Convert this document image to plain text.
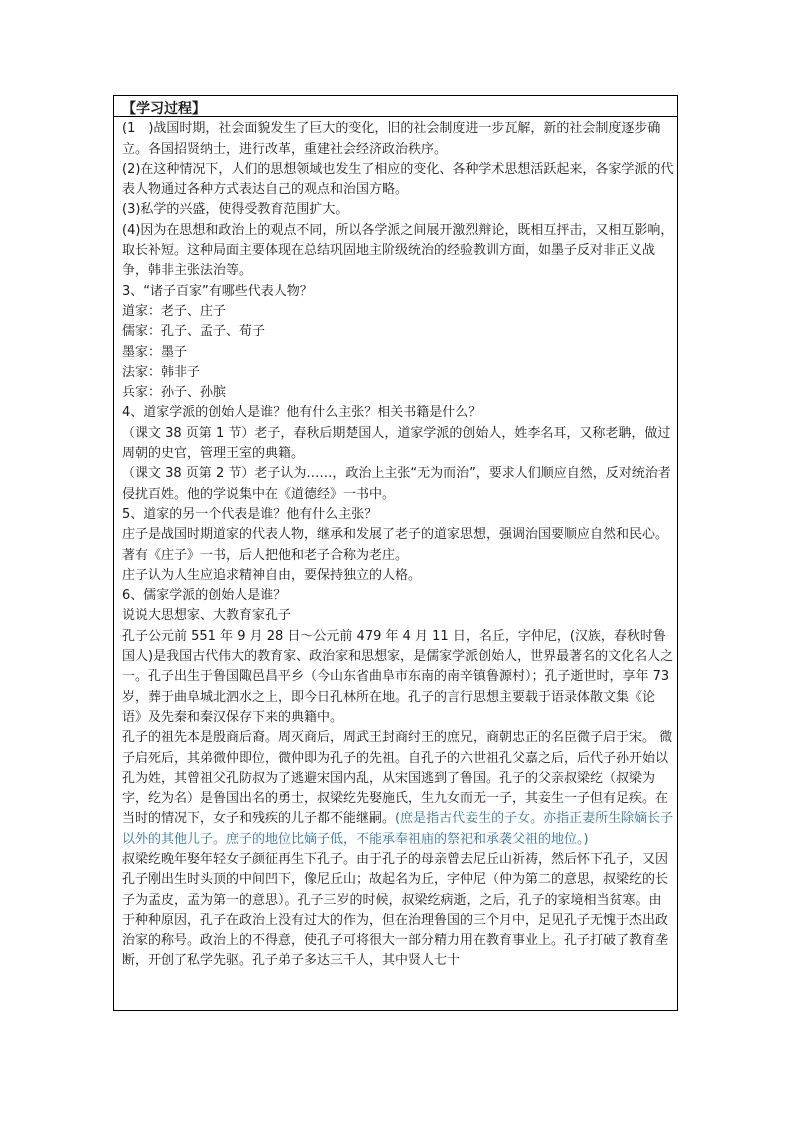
【学习过程】

(1　)战国时期，社会面貌发生了巨大的变化，旧的社会制度进一步瓦解，新的社会制度逐步确立。各国招贤纳士，进行改革，重建社会经济政治秩序。

(2)在这种情况下，人们的思想领域也发生了相应的变化、各种学术思想活跃起来，各家学派的代表人物通过各种方式表达自己的观点和治国方略。

(3)私学的兴盛，使得受教育范围扩大。

(4)因为在思想和政治上的观点不同，所以各学派之间展开激烈辩论，既相互抨击，又相互影响，取长补短。这种局面主要体现在总结巩固地主阶级统治的经验教训方面，如墨子反对非正义战争，韩非主张法治等。

3、“诸子百家”有哪些代表人物？

道家：老子、庄子

儒家：孔子、孟子、荀子

墨家：墨子

法家：韩非子

兵家：孙子、孙膑

4、道家学派的创始人是谁？他有什么主张？相关书籍是什么？

（课文 38 页第 1 节）老子，春秋后期楚国人，道家学派的创始人，姓李名耳，又称老聃，做过周朝的史官，管理王室的典籍。

（课文 38 页第 2 节）老子认为……，政治上主张“无为而治”，要求人们顺应自然，反对统治者侵扰百姓。他的学说集中在《道德经》一书中。

5、道家的另一个代表是谁？他有什么主张？

庄子是战国时期道家的代表人物，继承和发展了老子的道家思想，强调治国要顺应自然和民心。著有《庄子》一书，后人把他和老子合称为老庄。

庄子认为人生应追求精神自由，要保持独立的人格。

6、儒家学派的创始人是谁？

说说大思想家、大教育家孔子

孔子公元前 551 年 9 月 28 日～公元前 479 年 4 月 11 日，名丘，字仲尼，(汉族，春秋时鲁国人)是我国古代伟大的教育家、政治家和思想家，是儒家学派创始人，世界最著名的文化名人之一。孔子出生于鲁国陬邑昌平乡（今山东省曲阜市东南的南辛镇鲁源村）；孔子逝世时，享年 73 岁，葬于曲阜城北泗水之上，即今日孔林所在地。孔子的言行思想主要载于语录体散文集《论语》及先秦和秦汉保存下来的典籍中。

孔子的祖先本是殷商后裔。周灭商后，周武王封商纣王的庶兄，商朝忠正的名臣微子启于宋。 微子启死后，其弟微仲即位，微仲即为孔子的先祖。自孔子的六世祖孔父嘉之后，后代子孙开始以孔为姓，其曾祖父孔防叔为了逃避宋国内乱，从宋国逃到了鲁国。孔子的父亲叔梁纥（叔梁为字，纥为名）是鲁国出名的勇士，叔梁纥先娶施氏，生九女而无一子，其妾生一子但有足疾。在当时的情况下，女子和残疾的儿子都不能继嗣。(庶是指古代妾生的子女。亦指正妻所生除嫡长子以外的其他儿子。庶子的地位比嫡子低，不能承奉祖庙的祭祀和承袭父祖的地位。)

叔梁纥晚年娶年轻女子颜征再生下孔子。由于孔子的母亲曾去尼丘山祈祷，然后怀下孔子，又因孔子刚出生时头顶的中间凹下，像尼丘山；故起名为丘，字仲尼（仲为第二的意思，叔梁纥的长子为孟皮，孟为第一的意思）。孔子三岁的时候，叔梁纥病逝，之后，孔子的家境相当贫寒。由于种种原因，孔子在政治上没有过大的作为，但在治理鲁国的三个月中，足见孔子无愧于杰出政治家的称号。政治上的不得意，使孔子可将很大一部分精力用在教育事业上。孔子打破了教育垄断，开创了私学先驱。孔子弟子多达三千人，其中贤人七十
